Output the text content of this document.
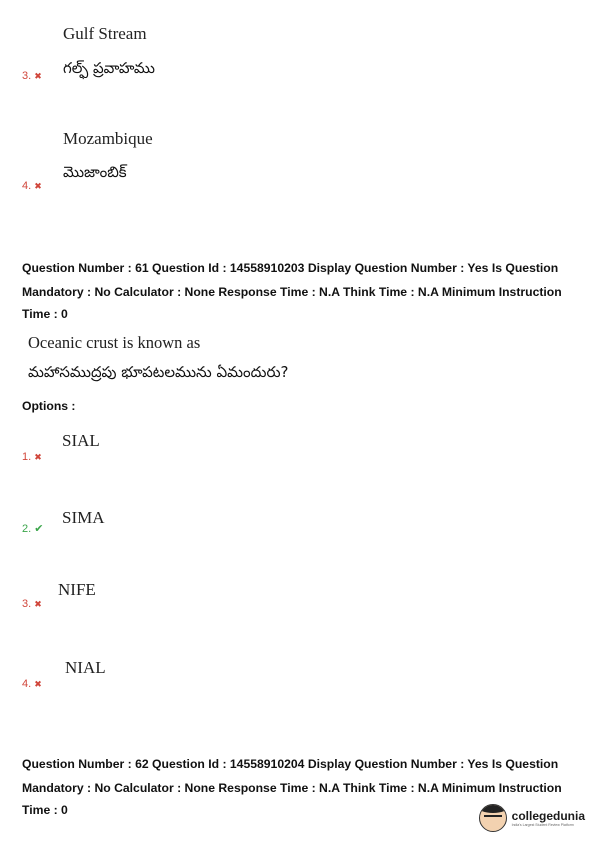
Gulf Stream
3. ✖ గల్ఫ్ ప్రవాహము
Mozambique
4. ✖
మొజాంబిక్
Question Number : 61 Question Id : 14558910203 Display Question Number : Yes Is Question
Mandatory : No Calculator : None Response Time : N.A Think Time : N.A Minimum Instruction
Time : 0
Oceanic crust is known as
మహాసముద్రపు భూపటలమును ఏమందురు?
Options :
SIAL
1. ✖
SIMA
2. ✔
NIFE
3. ✖
NIAL
4. ✖
Question Number : 62 Question Id : 14558910204 Display Question Number : Yes Is Question
Mandatory : No Calculator : None Response Time : N.A Think Time : N.A Minimum Instruction
Time : 0	collegedunia
India's Largest Student Review Platform
